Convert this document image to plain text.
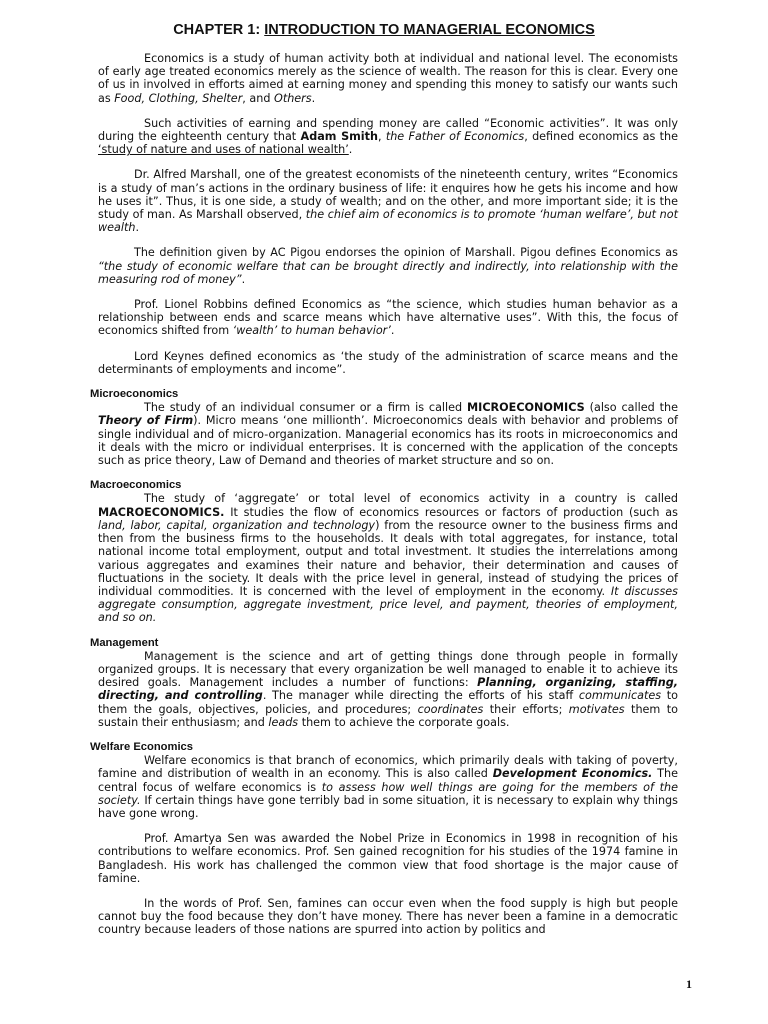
CHAPTER 1: INTRODUCTION TO MANAGERIAL ECONOMICS

Economics is a study of human activity both at individual and national level. The economists of early age treated economics merely as the science of wealth. The reason for this is clear. Every one of us in involved in efforts aimed at earning money and spending this money to satisfy our wants such as Food, Clothing, Shelter, and Others.

Such activities of earning and spending money are called “Economic activities”. It was only during the eighteenth century that Adam Smith, the Father of Economics, defined economics as the ‘study of nature and uses of national wealth’.

Dr. Alfred Marshall, one of the greatest economists of the nineteenth century, writes “Economics is a study of man’s actions in the ordinary business of life: it enquires how he gets his income and how he uses it”. Thus, it is one side, a study of wealth; and on the other, and more important side; it is the study of man. As Marshall observed, the chief aim of economics is to promote ‘human welfare’, but not wealth.

The definition given by AC Pigou endorses the opinion of Marshall. Pigou defines Economics as “the study of economic welfare that can be brought directly and indirectly, into relationship with the measuring rod of money”.

Prof. Lionel Robbins defined Economics as “the science, which studies human behavior as a relationship between ends and scarce means which have alternative uses”. With this, the focus of economics shifted from ‘wealth’ to human behavior’.

Lord Keynes defined economics as ‘the study of the administration of scarce means and the determinants of employments and income”.

Microeconomics

The study of an individual consumer or a firm is called MICROECONOMICS (also called the Theory of Firm). Micro means ‘one millionth’. Microeconomics deals with behavior and problems of single individual and of micro-organization. Managerial economics has its roots in microeconomics and it deals with the micro or individual enterprises. It is concerned with the application of the concepts such as price theory, Law of Demand and theories of market structure and so on.

Macroeconomics

The study of ‘aggregate’ or total level of economics activity in a country is called MACROECONOMICS. It studies the flow of economics resources or factors of production (such as land, labor, capital, organization and technology) from the resource owner to the business firms and then from the business firms to the households. It deals with total aggregates, for instance, total national income total employment, output and total investment. It studies the interrelations among various aggregates and examines their nature and behavior, their determination and causes of fluctuations in the society. It deals with the price level in general, instead of studying the prices of individual commodities. It is concerned with the level of employment in the economy. It discusses aggregate consumption, aggregate investment, price level, and payment, theories of employment, and so on.

Management

Management is the science and art of getting things done through people in formally organized groups. It is necessary that every organization be well managed to enable it to achieve its desired goals. Management includes a number of functions: Planning, organizing, staffing, directing, and controlling. The manager while directing the efforts of his staff communicates to them the goals, objectives, policies, and procedures; coordinates their efforts; motivates them to sustain their enthusiasm; and leads them to achieve the corporate goals.

Welfare Economics

Welfare economics is that branch of economics, which primarily deals with taking of poverty, famine and distribution of wealth in an economy. This is also called Development Economics. The central focus of welfare economics is to assess how well things are going for the members of the society. If certain things have gone terribly bad in some situation, it is necessary to explain why things have gone wrong.

Prof. Amartya Sen was awarded the Nobel Prize in Economics in 1998 in recognition of his contributions to welfare economics. Prof. Sen gained recognition for his studies of the 1974 famine in Bangladesh. His work has challenged the common view that food shortage is the major cause of famine.

In the words of Prof. Sen, famines can occur even when the food supply is high but people cannot buy the food because they don’t have money. There has never been a famine in a democratic country because leaders of those nations are spurred into action by politics and

1
